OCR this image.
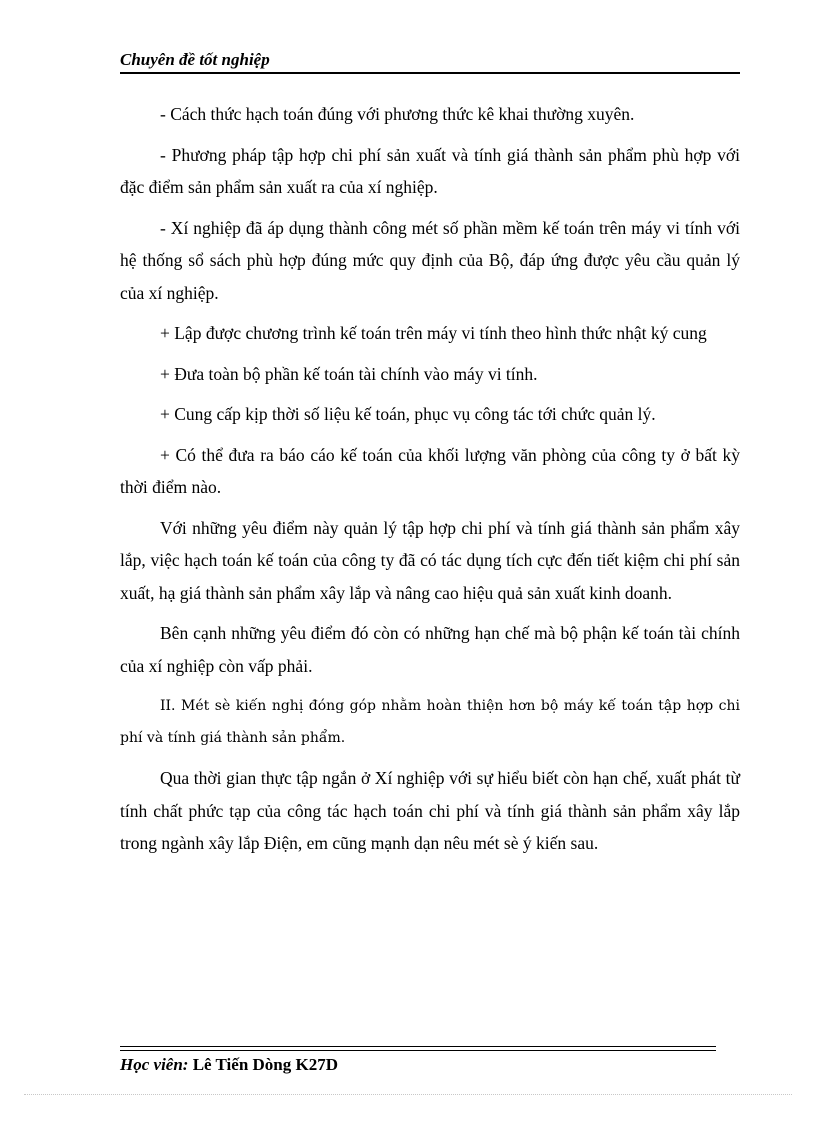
Chuyên đề tốt nghiệp

- Cách thức hạch toán đúng với phương thức kê khai thường xuyên.

- Phương pháp tập hợp chi phí sản xuất và tính giá thành sản phẩm phù hợp với đặc điểm sản phẩm sản xuất ra của xí nghiệp.

- Xí nghiệp đã áp dụng thành công mét số phần mềm kế toán trên máy vi tính với hệ thống sổ sách phù hợp đúng mức quy định của Bộ, đáp ứng được yêu cầu quản lý của xí nghiệp.

+ Lập được chương trình kế toán trên máy vi tính theo hình thức nhật ký cung

+ Đưa toàn bộ phần kế toán tài chính vào máy vi tính.

+ Cung cấp kịp thời số liệu kế toán, phục vụ công tác tới chức quản lý.

+ Có thể đưa ra báo cáo kế toán của khối lượng văn phòng của công ty ở bất kỳ thời điểm nào.

Với những yêu điểm này quản lý tập hợp chi phí và tính giá thành sản phẩm xây lắp, việc hạch toán kế toán của công ty đã có tác dụng tích cực đến tiết kiệm chi phí sản xuất, hạ giá thành sản phẩm xây lắp và nâng cao hiệu quả sản xuất kinh doanh.

Bên cạnh những yêu điểm đó còn có những hạn chế mà bộ phận kế toán tài chính của xí nghiệp còn vấp phải.

II. Mét sè kiến nghị đóng góp nhằm hoàn thiện hơn bộ máy kế toán tập hợp chi phí và tính giá thành sản phẩm.

Qua thời gian thực tập ngắn ở Xí nghiệp với sự hiểu biết còn hạn chế, xuất phát từ tính chất phức tạp của công tác hạch toán chi phí và tính giá thành sản phẩm xây lắp trong ngành xây lắp Điện, em cũng mạnh dạn nêu mét sè ý kiến sau.

Học viên: Lê Tiến Dòng K27D
